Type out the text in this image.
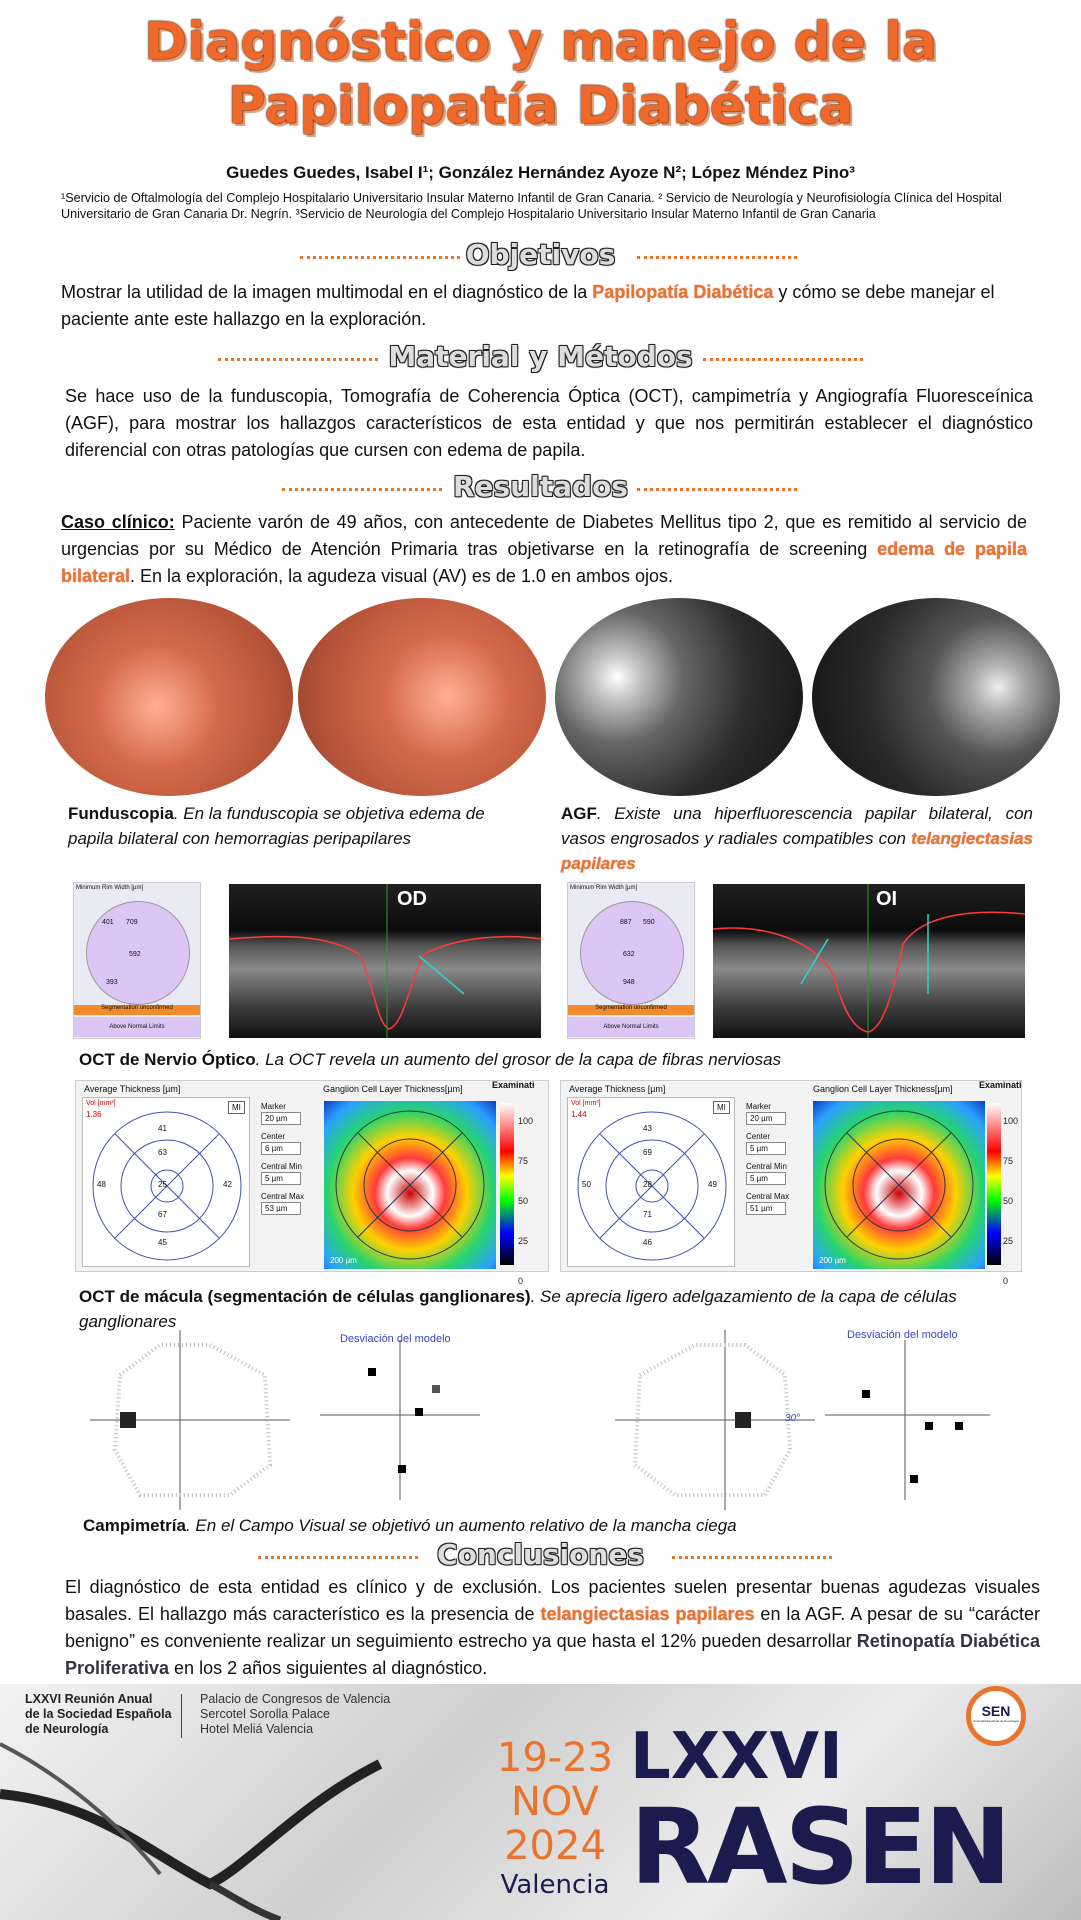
Diagnóstico y manejo de la
Papilopatía Diabética
Guedes Guedes, Isabel I¹; González Hernández Ayoze N²; López Méndez Pino³
¹Servicio de Oftalmología del Complejo Hospitalario Universitario Insular Materno Infantil de Gran Canaria. ² Servicio de Neurología y Neurofisiología Clínica del Hospital Universitario de Gran Canaria Dr. Negrín. ³Servicio de Neurología del Complejo Hospitalario Universitario Insular Materno Infantil de Gran Canaria
Objetivos
Mostrar la utilidad de la imagen multimodal en el diagnóstico de la Papilopatía Diabética y cómo se debe manejar el paciente ante este hallazgo en la exploración.
Material y Métodos
Se hace uso de la funduscopia, Tomografía de Coherencia Óptica (OCT), campimetría y Angiografía Fluoresceínica (AGF), para mostrar los hallazgos característicos de esta entidad y que nos permitirán establecer el diagnóstico diferencial con otras patologías que cursen con edema de papila.
Resultados
Caso clínico: Paciente varón de 49 años, con antecedente de Diabetes Mellitus tipo 2, que es remitido al servicio de urgencias por su Médico de Atención Primaria tras objetivarse en la retinografía de screening edema de papila bilateral. En la exploración, la agudeza visual (AV) es de 1.0 en ambos ojos.
Funduscopia. En la funduscopia se objetiva edema de papila bilateral con hemorragias peripapilares
AGF. Existe una hiperfluorescencia papilar bilateral, con vasos engrosados y radiales compatibles con telangiectasias papilares
Minimum Rim Width [µm]
709
401
592
393
Segmentation unconfirmed
Above Normal Limits
OD	Minimum Rim Width [µm]
887 590
632
948
Segmentation unconfirmed
Above Normal Limits
OI
OCT de Nervio Óptico. La OCT revela un aumento del grosor de la capa de fibras nerviosas
Average Thickness [µm]	Ganglion Cell Layer Thickness[µm]	Examinati
Vol [mm³]
1.36
25
41
63
67
45
48	42
MI	Marker
20 µm
Center
6 µm
Central Min
5 µm
Central Max
53 µm
200 µm
100
75
50
25
0
Average Thickness [µm]	Ganglion Cell Layer Thickness[µm]	Examinati
Vol [mm³]
1.44
28
43
69
71
46
50	49
MI	Marker
20 µm
Center
5 µm
Central Min
5 µm
Central Max
51 µm
200 µm
100
75
50
25
0
OCT de mácula (segmentación de células ganglionares). Se aprecia ligero adelgazamiento de la capa de células ganglionares
Desviación del modelo
30°
Desviación del modelo
Campimetría. En el Campo Visual se objetivó un aumento relativo de la mancha ciega
Conclusiones
El diagnóstico de esta entidad es clínico y de exclusión. Los pacientes suelen presentar buenas agudezas visuales basales. El hallazgo más característico es la presencia de telangiectasias papilares en la AGF. A pesar de su “carácter benigno” es conveniente realizar un seguimiento estrecho ya que hasta el 12% pueden desarrollar Retinopatía Diabética Proliferativa en los 2 años siguientes al diagnóstico.
LXXVI Reunión Anual
de la Sociedad Española
de Neurología
Palacio de Congresos de Valencia
Sercotel Sorolla Palace
Hotel Meliá Valencia
19-23
NOV
2024
Valencia
LXXVI
RASEN
SEN
Sociedad Española de Neurología
